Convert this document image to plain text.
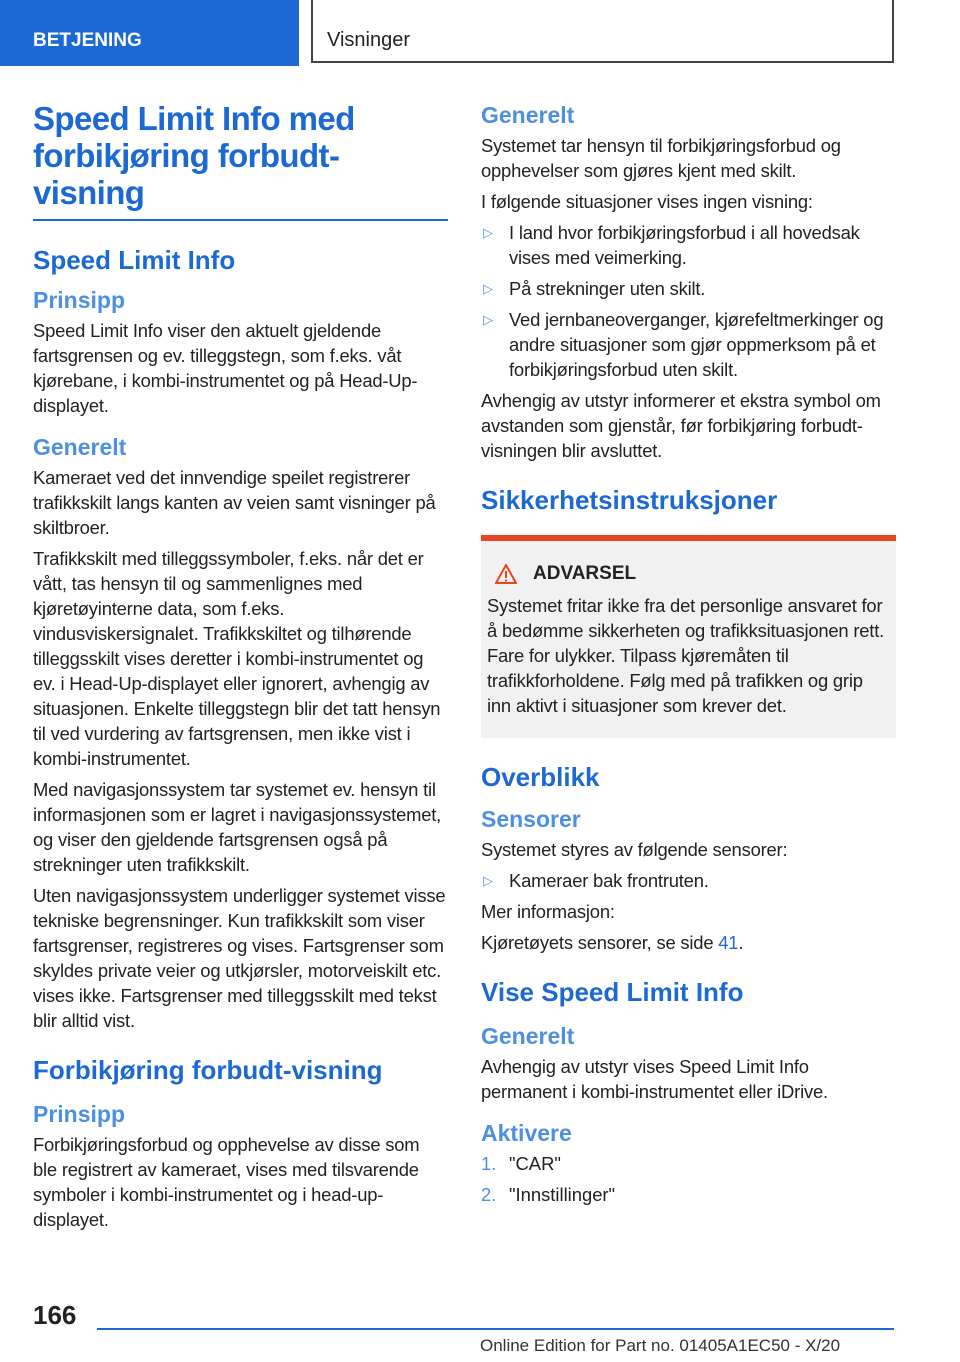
BETJENING	Visninger
Speed Limit Info med forbikjøring forbudt-visning
Speed Limit Info
Prinsipp

Speed Limit Info viser den aktuelt gjeldende fartsgrensen og ev. tilleggstegn, som f.eks. våt kjørebane, i kombi-instrumentet og på Head-Up-displayet.

Generelt

Kameraet ved det innvendige speilet registrerer trafikkskilt langs kanten av veien samt visninger på skiltbroer.

Trafikkskilt med tilleggssymboler, f.eks. når det er vått, tas hensyn til og sammenlignes med kjøretøyinterne data, som f.eks. vindusviskersignalet. Trafikkskiltet og tilhørende tilleggsskilt vises deretter i kombi-instrumentet og ev. i Head-Up-displayet eller ignorert, avhengig av situasjonen. Enkelte tilleggstegn blir det tatt hensyn til ved vurdering av fartsgrensen, men ikke vist i kombi-instrumentet.

Med navigasjonssystem tar systemet ev. hensyn til informasjonen som er lagret i navigasjonssystemet, og viser den gjeldende fartsgrensen også på strekninger uten trafikkskilt.

Uten navigasjonssystem underligger systemet visse tekniske begrensninger. Kun trafikkskilt som viser fartsgrenser, registreres og vises. Fartsgrenser som skyldes private veier og utkjørsler, motorveiskilt etc. vises ikke. Fartsgrenser med tilleggsskilt med tekst blir alltid vist.

Forbikjøring forbudt-visning
Prinsipp

Forbikjøringsforbud og opphevelse av disse som ble registrert av kameraet, vises med tilsvarende symboler i kombi-instrumentet og i head-up-displayet.

Generelt

Systemet tar hensyn til forbikjøringsforbud og opphevelser som gjøres kjent med skilt.

I følgende situasjoner vises ingen visning:

▷ I land hvor forbikjøringsforbud i all hovedsak vises med veimerking.
▷ På strekninger uten skilt.
▷ Ved jernbaneoverganger, kjørefeltmerkinger og andre situasjoner som gjør oppmerksom på et forbikjøringsforbud uten skilt.

Avhengig av utstyr informerer et ekstra symbol om avstanden som gjenstår, før forbikjøring forbudt-visningen blir avsluttet.

Sikkerhetsinstruksjoner
ADVARSEL

Systemet fritar ikke fra det personlige ansvaret for å bedømme sikkerheten og trafikksituasjonen rett. Fare for ulykker. Tilpass kjøremåten til trafikkforholdene. Følg med på trafikken og grip inn aktivt i situasjoner som krever det.

Overblikk
Sensorer

Systemet styres av følgende sensorer:

▷ Kameraer bak frontruten.

Mer informasjon:

Kjøretøyets sensorer, se side 41.

Vise Speed Limit Info
Generelt

Avhengig av utstyr vises Speed Limit Info permanent i kombi-instrumentet eller iDrive.

Aktivere
1. "CAR"
2. "Innstillinger"
166
Online Edition for Part no. 01405A1EC50 - X/20
